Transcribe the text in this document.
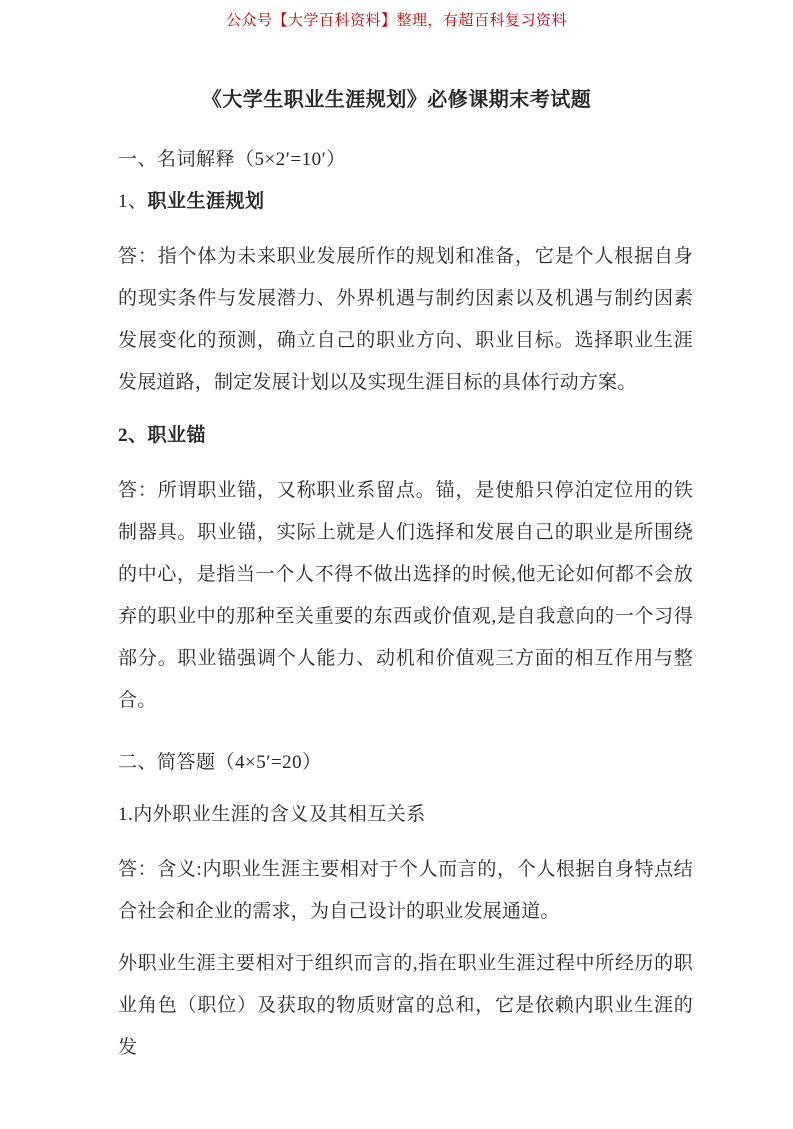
公众号【大学百科资料】整理，有超百科复习资料
《大学生职业生涯规划》必修课期末考试题

一、名词解释（5×2′=10′）

1、职业生涯规划

答：指个体为未来职业发展所作的规划和准备，它是个人根据自身的现实条件与发展潜力、外界机遇与制约因素以及机遇与制约因素发展变化的预测，确立自己的职业方向、职业目标。选择职业生涯发展道路，制定发展计划以及实现生涯目标的具体行动方案。

2、职业锚

答：所谓职业锚，又称职业系留点。锚，是使船只停泊定位用的铁制器具。职业锚，实际上就是人们选择和发展自己的职业是所围绕的中心，是指当一个人不得不做出选择的时候,他无论如何都不会放弃的职业中的那种至关重要的东西或价值观,是自我意向的一个习得部分。职业锚强调个人能力、动机和价值观三方面的相互作用与整合。

二、简答题（4×5′=20）

1.内外职业生涯的含义及其相互关系

答：含义:内职业生涯主要相对于个人而言的，个人根据自身特点结合社会和企业的需求，为自己设计的职业发展通道。

外职业生涯主要相对于组织而言的,指在职业生涯过程中所经历的职业角色（职位）及获取的物质财富的总和，它是依赖内职业生涯的发
